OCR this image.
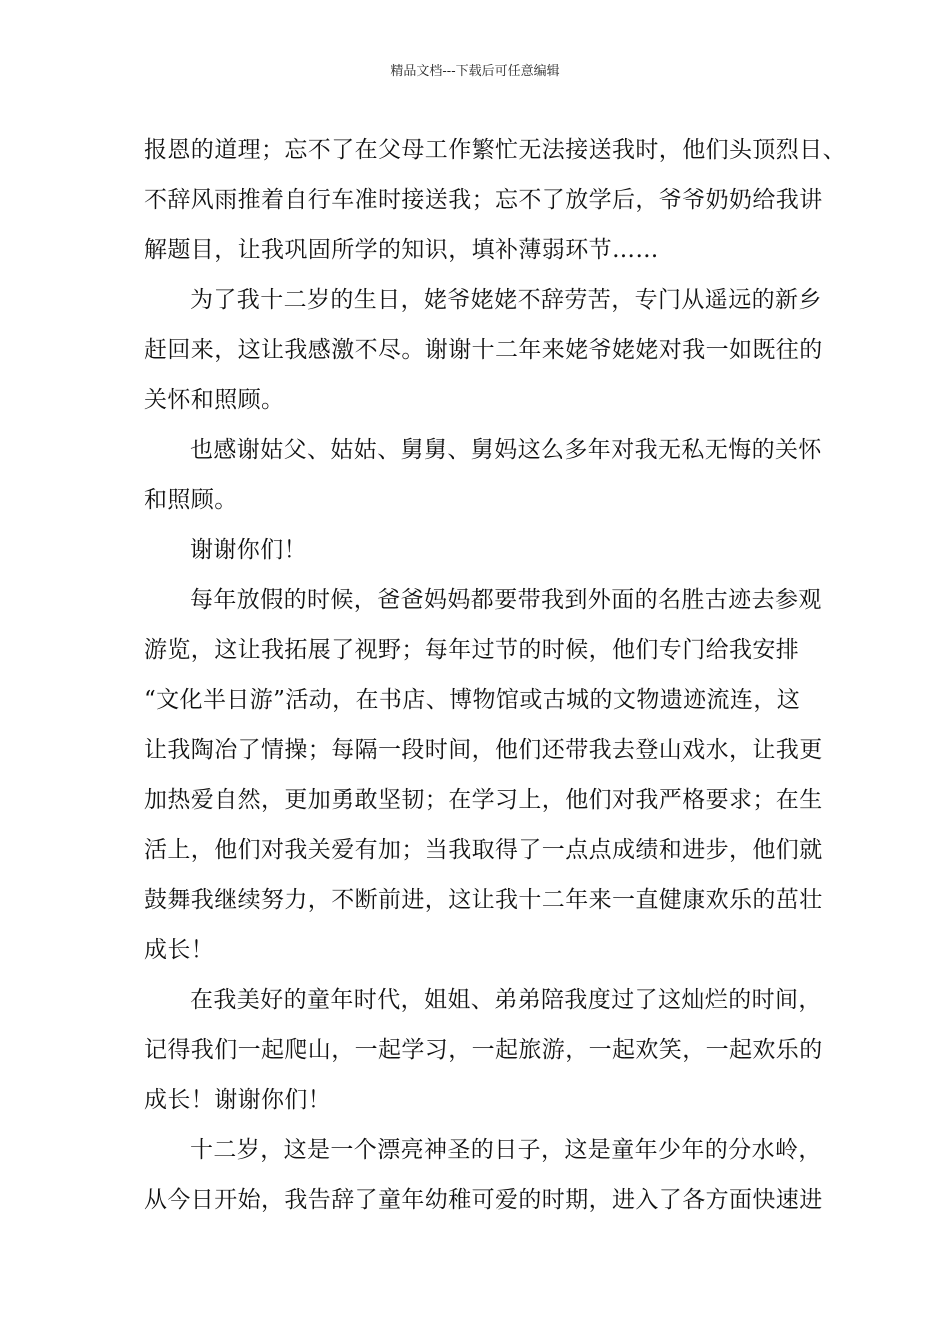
精品文档---下载后可任意编辑
报恩的道理；忘不了在父母工作繁忙无法接送我时，他们头顶烈日、
不辞风雨推着自行车准时接送我；忘不了放学后，爷爷奶奶给我讲
解题目，让我巩固所学的知识，填补薄弱环节……
为了我十二岁的生日，姥爷姥姥不辞劳苦，专门从遥远的新乡
赶回来，这让我感激不尽。谢谢十二年来姥爷姥姥对我一如既往的
关怀和照顾。
也感谢姑父、姑姑、舅舅、舅妈这么多年对我无私无悔的关怀
和照顾。
谢谢你们！
每年放假的时候，爸爸妈妈都要带我到外面的名胜古迹去参观
游览，这让我拓展了视野；每年过节的时候，他们专门给我安排
“文化半日游”活动，在书店、博物馆或古城的文物遗迹流连，这
让我陶冶了情操；每隔一段时间，他们还带我去登山戏水，让我更
加热爱自然，更加勇敢坚韧；在学习上，他们对我严格要求；在生
活上，他们对我关爱有加；当我取得了一点点成绩和进步，他们就
鼓舞我继续努力，不断前进，这让我十二年来一直健康欢乐的茁壮
成长！
在我美好的童年时代，姐姐、弟弟陪我度过了这灿烂的时间，
记得我们一起爬山，一起学习，一起旅游，一起欢笑，一起欢乐的
成长！谢谢你们！
十二岁，这是一个漂亮神圣的日子，这是童年少年的分水岭，
从今日开始，我告辞了童年幼稚可爱的时期，进入了各方面快速进
